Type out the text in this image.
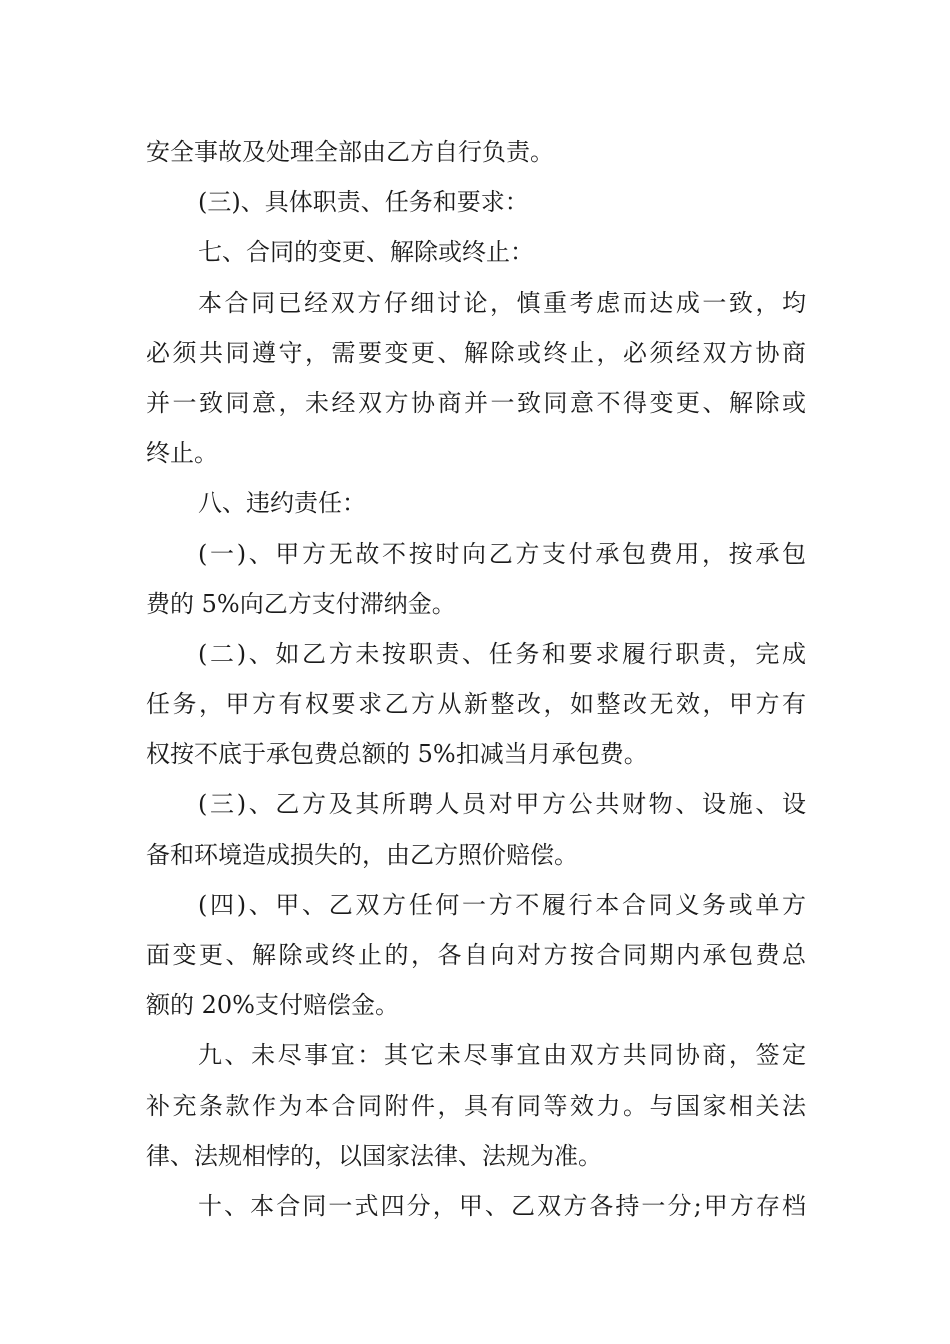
安全事故及处理全部由乙方自行负责。
(三)、具体职责、任务和要求：
七、合同的变更、解除或终止：
本合同已经双方仔细讨论，慎重考虑而达成一致，均
必须共同遵守，需要变更、解除或终止，必须经双方协商
并一致同意，未经双方协商并一致同意不得变更、解除或
终止。
八、违约责任：
(一)、甲方无故不按时向乙方支付承包费用，按承包
费的 5%向乙方支付滞纳金。
(二)、如乙方未按职责、任务和要求履行职责，完成
任务，甲方有权要求乙方从新整改，如整改无效，甲方有
权按不底于承包费总额的 5%扣减当月承包费。
(三)、乙方及其所聘人员对甲方公共财物、设施、设
备和环境造成损失的，由乙方照价赔偿。
(四)、甲、乙双方任何一方不履行本合同义务或单方
面变更、解除或终止的，各自向对方按合同期内承包费总
额的 20%支付赔偿金。
九、未尽事宜：其它未尽事宜由双方共同协商，签定
补充条款作为本合同附件，具有同等效力。与国家相关法
律、法规相悖的，以国家法律、法规为准。
十、本合同一式四分，甲、乙双方各持一分;甲方存档
